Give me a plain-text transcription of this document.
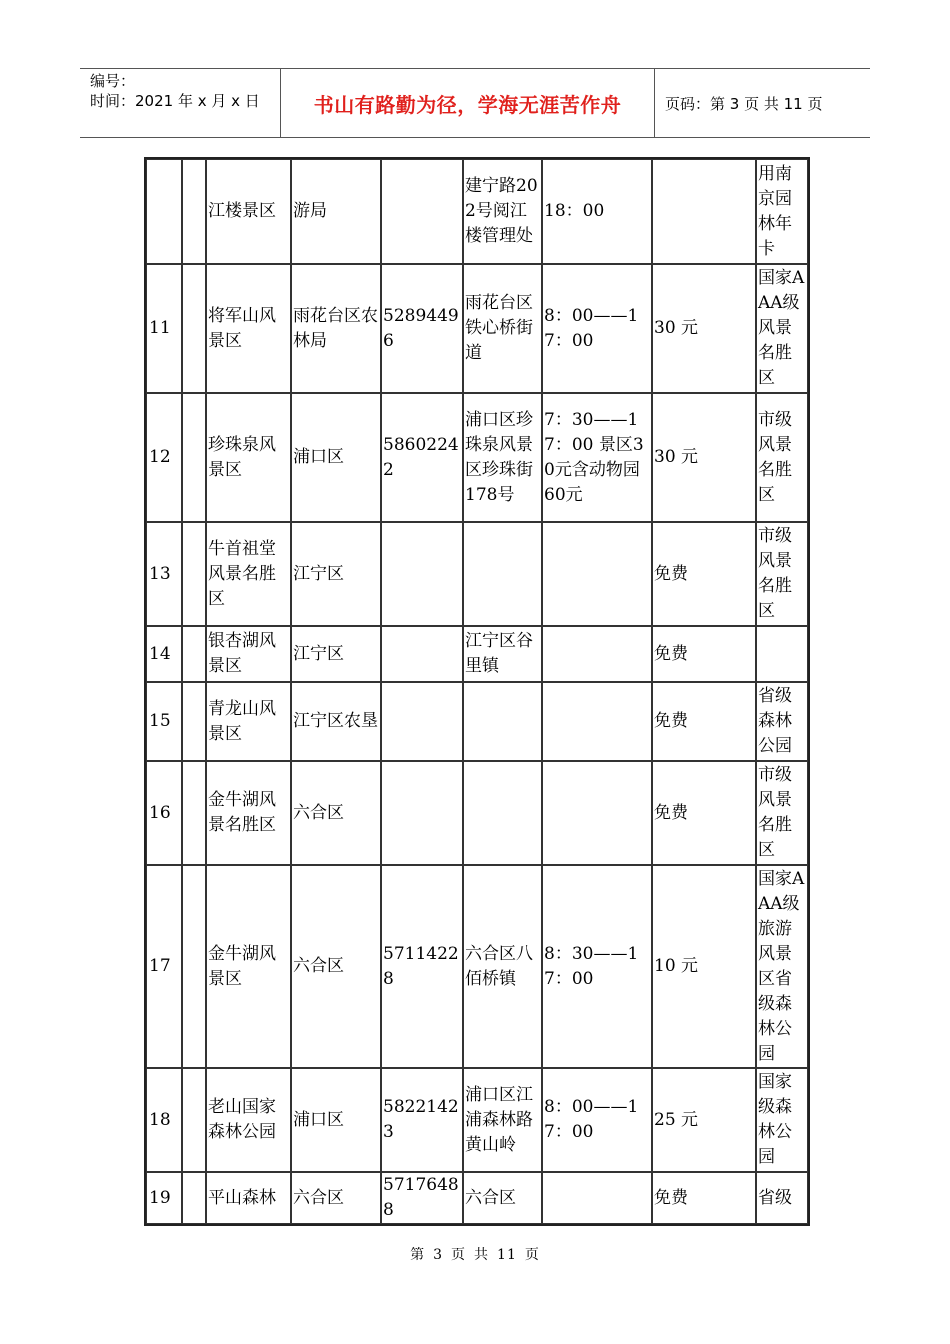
编号：
时间：2021 年 x 月 x 日	书山有路勤为径，学海无涯苦作舟	页码：第 3 页 共 11 页
		江楼景区	游局		建宁路202号阅江楼管理处	18：00		用南京园林年卡
11		将军山风景区	雨花台区农林局	52894496	雨花台区铁心桥街道	8：00——17：00	30 元	国家AAA级风景名胜区
12		珍珠泉风景区	浦口区	58602242	浦口区珍珠泉风景区珍珠街178号	7：30——17：00 景区30元含动物园 60元	30 元	市级风景名胜区
13		牛首祖堂风景名胜区	江宁区				免费	市级风景名胜区
14		银杏湖风景区	江宁区		江宁区谷里镇		免费	
15		青龙山风景区	江宁区农垦				免费	省级森林公园
16		金牛湖风景名胜区	六合区				免费	市级风景名胜区
17		金牛湖风景区	六合区	57114228	六合区八佰桥镇	8：30——17：00	10 元	国家AAA级旅游风景区省级森林公园
18		老山国家森林公园	浦口区	58221423	浦口区江浦森林路黄山岭	8：00——17：00	25 元	国家级森林公园
19		平山森林	六合区	57176488	六合区		免费	省级
第 3 页 共 11 页
